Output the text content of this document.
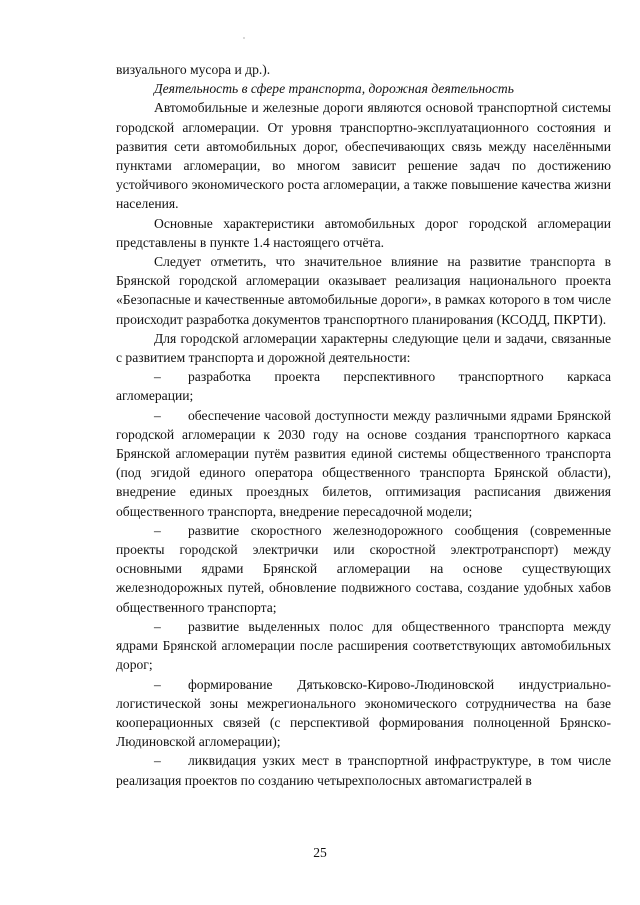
визуального мусора и др.).

Деятельность в сфере транспорта, дорожная деятельность

Автомобильные и железные дороги являются основой транспортной системы городской агломерации. От уровня транспортно-эксплуатационного состояния и развития сети автомобильных дорог, обеспечивающих связь между населёнными пунктами агломерации, во многом зависит решение задач по достижению устойчивого экономического роста агломерации, а также повышение качества жизни населения.

Основные характеристики автомобильных дорог городской агломерации представлены в пункте 1.4 настоящего отчёта.

Следует отметить, что значительное влияние на развитие транспорта в Брянской городской агломерации оказывает реализация национального проекта «Безопасные и качественные автомобильные дороги», в рамках которого в том числе происходит разработка документов транспортного планирования (КСОДД, ПКРТИ).

Для городской агломерации характерны следующие цели и задачи, связанные с развитием транспорта и дорожной деятельности:

– разработка проекта перспективного транспортного каркаса агломерации;

– обеспечение часовой доступности между различными ядрами Брянской городской агломерации к 2030 году на основе создания транспортного каркаса Брянской агломерации путём развития единой системы общественного транспорта (под эгидой единого оператора общественного транспорта Брянской области), внедрение единых проездных билетов, оптимизация расписания движения общественного транспорта, внедрение пересадочной модели;

– развитие скоростного железнодорожного сообщения (современные проекты городской электрички или скоростной электротранспорт) между основными ядрами Брянской агломерации на основе существующих железнодорожных путей, обновление подвижного состава, создание удобных хабов общественного транспорта;

– развитие выделенных полос для общественного транспорта между ядрами Брянской агломерации после расширения соответствующих автомобильных дорог;

– формирование Дятьковско-Кирово-Людиновской индустриально-логистической зоны межрегионального экономического сотрудничества на базе кооперационных связей (с перспективой формирования полноценной Брянско-Людиновской агломерации);

– ликвидация узких мест в транспортной инфраструктуре, в том числе реализация проектов по созданию четырехполосных автомагистралей в

25
